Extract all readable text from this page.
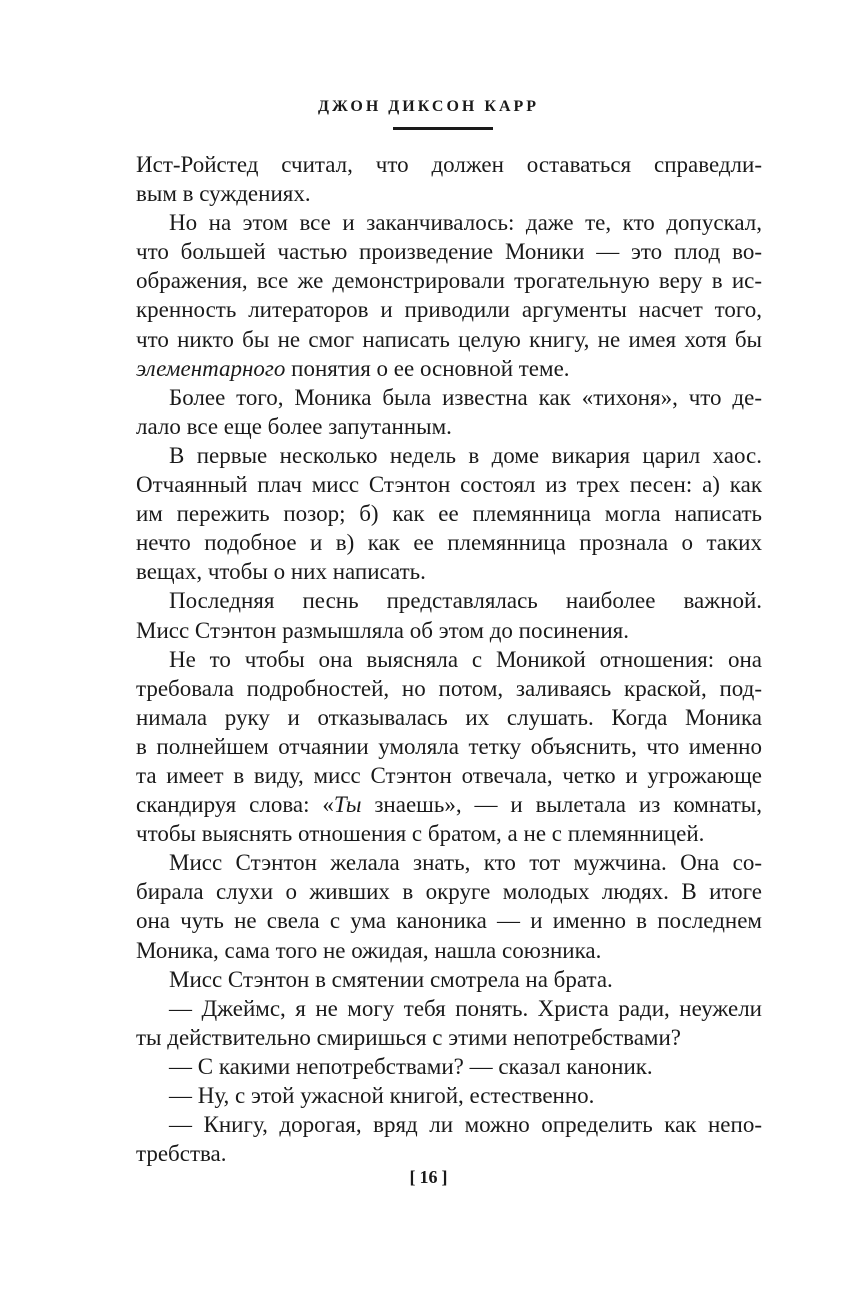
ДЖОН ДИКСОН КАРР
Ист-Ройстед считал, что должен оставаться справедли-
вым в суждениях.
Но на этом все и заканчивалось: даже те, кто допускал,
что большей частью произведение Моники — это плод во-
ображения, все же демонстрировали трогательную веру в ис-
кренность литераторов и приводили аргументы насчет того,
что никто бы не смог написать целую книгу, не имея хотя бы
элементарного понятия о ее основной теме.
Более того, Моника была известна как «тихоня», что де-
лало все еще более запутанным.
В первые несколько недель в доме викария царил хаос.
Отчаянный плач мисс Стэнтон состоял из трех песен: а) как
им пережить позор; б) как ее племянница могла написать
нечто подобное и в) как ее племянница прознала о таких
вещах, чтобы о них написать.
Последняя песнь представлялась наиболее важной.
Мисс Стэнтон размышляла об этом до посинения.
Не то чтобы она выясняла с Моникой отношения: она
требовала подробностей, но потом, заливаясь краской, под-
нимала руку и отказывалась их слушать. Когда Моника
в полнейшем отчаянии умоляла тетку объяснить, что именно
та имеет в виду, мисс Стэнтон отвечала, четко и угрожающе
скандируя слова: «Ты знаешь», — и вылетала из комнаты,
чтобы выяснять отношения с братом, а не с племянницей.
Мисс Стэнтон желала знать, кто тот мужчина. Она со-
бирала слухи о живших в округе молодых людях. В итоге
она чуть не свела с ума каноника — и именно в последнем
Моника, сама того не ожидая, нашла союзника.
Мисс Стэнтон в смятении смотрела на брата.
— Джеймс, я не могу тебя понять. Христа ради, неужели
ты действительно смиришься с этими непотребствами?
— С какими непотребствами? — сказал каноник.
— Ну, с этой ужасной книгой, естественно.
— Книгу, дорогая, вряд ли можно определить как непо-
требства.
[ 16 ]
